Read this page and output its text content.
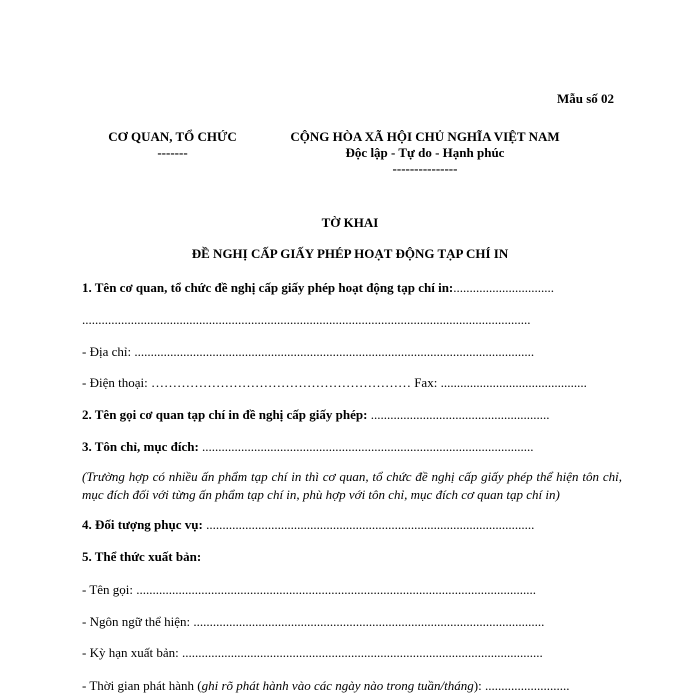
Mẫu số 02
CƠ QUAN, TỔ CHỨC
-------
CỘNG HÒA XÃ HỘI CHỦ NGHĨA VIỆT NAM
Độc lập - Tự do - Hạnh phúc
---------------
TỜ KHAI
ĐỀ NGHỊ CẤP GIẤY PHÉP HOẠT ĐỘNG TẠP CHÍ IN
1. Tên cơ quan, tổ chức đề nghị cấp giấy phép hoạt động tạp chí in:...............................
..........................................................................................................................................
- Địa chỉ: ...........................................................................................................................
- Điện thoại: …………………………………………………… Fax: .............................................
2. Tên gọi cơ quan tạp chí in đề nghị cấp giấy phép: .......................................................
3. Tôn chỉ, mục đích: ......................................................................................................
(Trường hợp có nhiều ấn phẩm tạp chí in thì cơ quan, tổ chức đề nghị cấp giấy phép thể hiện tôn chỉ, mục đích đối với từng ấn phẩm tạp chí in, phù hợp với tôn chỉ, mục đích cơ quan tạp chí in)
4. Đối tượng phục vụ: .....................................................................................................
5. Thể thức xuất bản:
- Tên gọi: ...........................................................................................................................
- Ngôn ngữ thể hiện: ............................................................................................................
- Kỳ hạn xuất bản: ...............................................................................................................
- Thời gian phát hành (ghi rõ phát hành vào các ngày nào trong tuần/tháng): ..........................
